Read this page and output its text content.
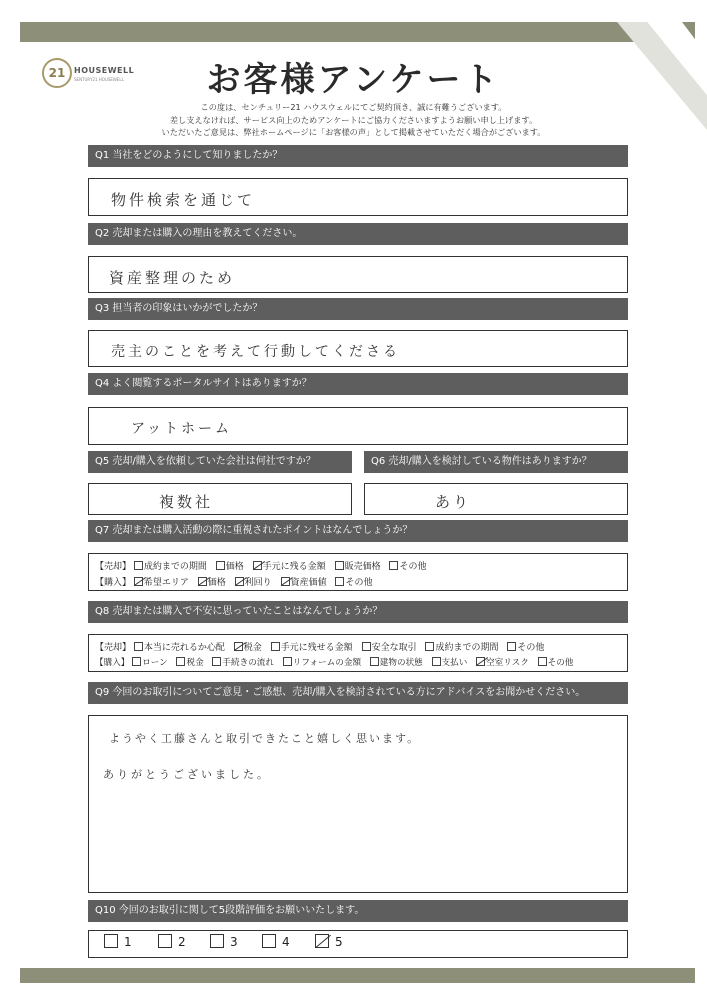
21	HOUSEWELL
SENTURY21 HOUSEWELL	お客様アンケート
この度は、センチュリー21 ハウスウェルにてご契約頂き、誠に有難うございます。
差し支えなければ、サービス向上のためアンケートにご協力くださいますようお願い申し上げます。
いただいたご意見は、弊社ホームページに「お客様の声」として掲載させていただく場合がございます。
Q1 当社をどのようにして知りましたか？
物件検索を通じて
Q2 売却または購入の理由を教えてください。
資産整理のため
Q3 担当者の印象はいかがでしたか？
売主のことを考えて行動してくださる
Q4 よく閲覧するポータルサイトはありますか？
アットホーム
Q5 売却/購入を依頼していた会社は何社ですか？
複数社
Q6 売却/購入を検討している物件はありますか？
あり
Q7 売却または購入活動の際に重視されたポイントはなんでしょうか？
【売却】 成約までの期間 価格 手元に残る金額 販売価格 その他
【購入】 希望エリア 価格 利回り 資産価値 その他
Q8 売却または購入で不安に思っていたことはなんでしょうか？
【売却】 本当に売れるか心配 税金 手元に残せる金額 安全な取引 成約までの期間 その他
【購入】 ローン 税金 手続きの流れ リフォームの金額 建物の状態 支払い 空室リスク その他
Q9 今回のお取引についてご意見・ご感想、売却/購入を検討されている方にアドバイスをお聞かせください。
ようやく工藤さんと取引できたこと嬉しく思います。
ありがとうございました。
Q10 今回のお取引に関して5段階評価をお願いいたします。
1	2	3	4	5
